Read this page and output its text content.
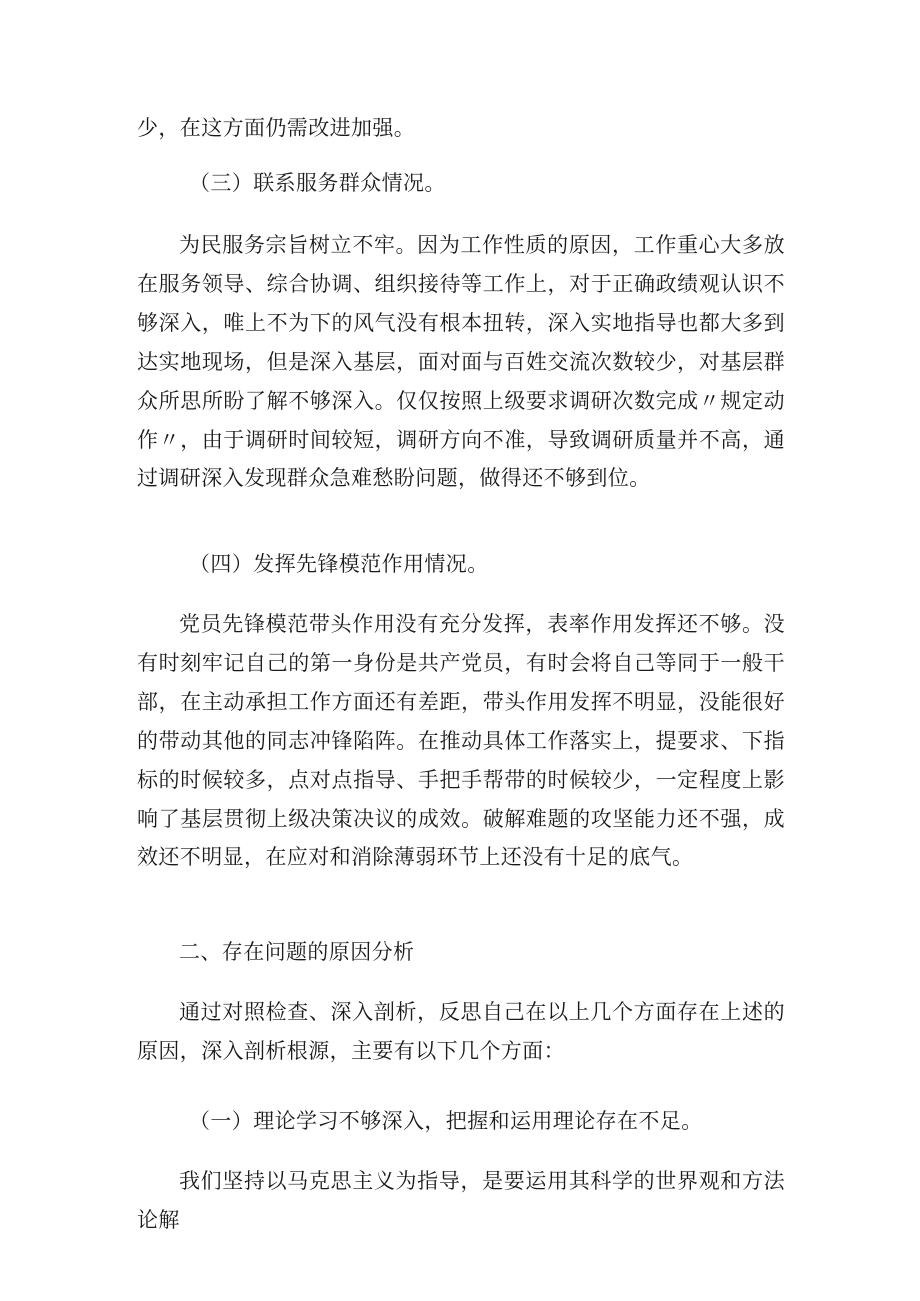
少，在这方面仍需改进加强。

（三）联系服务群众情况。

为民服务宗旨树立不牢。因为工作性质的原因，工作重心大多放在服务领导、综合协调、组织接待等工作上，对于正确政绩观认识不够深入，唯上不为下的风气没有根本扭转，深入实地指导也都大多到达实地现场，但是深入基层，面对面与百姓交流次数较少，对基层群众所思所盼了解不够深入。仅仅按照上级要求调研次数完成〃规定动作〃，由于调研时间较短，调研方向不准，导致调研质量并不高，通过调研深入发现群众急难愁盼问题，做得还不够到位。

（四）发挥先锋模范作用情况。

党员先锋模范带头作用没有充分发挥，表率作用发挥还不够。没有时刻牢记自己的第一身份是共产党员，有时会将自己等同于一般干部，在主动承担工作方面还有差距，带头作用发挥不明显，没能很好的带动其他的同志冲锋陷阵。在推动具体工作落实上，提要求、下指标的时候较多，点对点指导、手把手帮带的时候较少，一定程度上影响了基层贯彻上级决策决议的成效。破解难题的攻坚能力还不强，成效还不明显，在应对和消除薄弱环节上还没有十足的底气。

二、存在问题的原因分析

通过对照检查、深入剖析，反思自己在以上几个方面存在上述的原因，深入剖析根源，主要有以下几个方面：

（一）理论学习不够深入，把握和运用理论存在不足。

我们坚持以马克思主义为指导，是要运用其科学的世界观和方法论解
